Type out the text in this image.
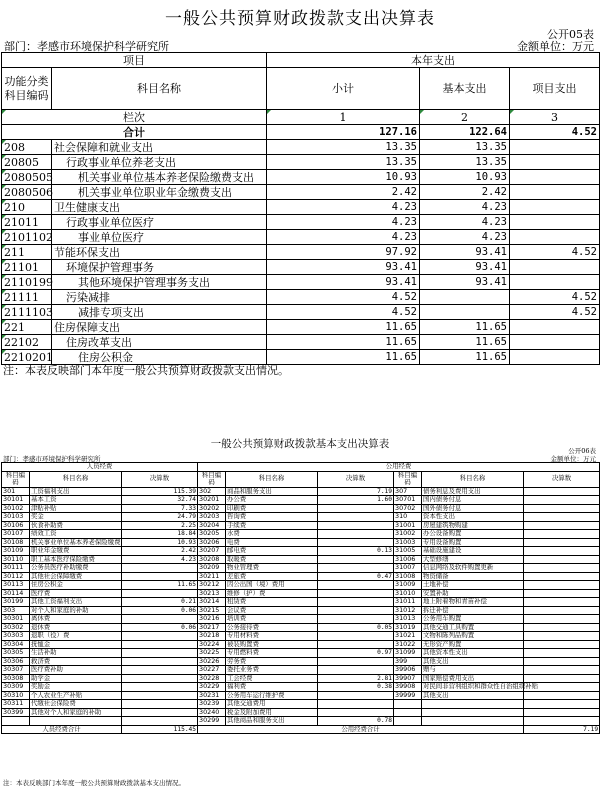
一般公共预算财政拨款支出决算表
公开05表
部门：孝感市环境保护科学研究所	金额单位：万元
项目		本年支出		
功能分类科目编码	科目名称	小计	基本支出	项目支出
栏次		1	2	3
合计		127.16	122.64	4.52
208	社会保障和就业支出	13.35	13.35	
20805	行政事业单位养老支出	13.35	13.35	
2080505	机关事业单位基本养老保险缴费支出	10.93	10.93	
2080506	机关事业单位职业年金缴费支出	2.42	2.42	
210	卫生健康支出	4.23	4.23	
21011	行政事业单位医疗	4.23	4.23	
2101102	事业单位医疗	4.23	4.23	
211	节能环保支出	97.92	93.41	4.52
21101	环境保护管理事务	93.41	93.41	
2110199	其他环境保护管理事务支出	93.41	93.41	
21111	污染减排	4.52		4.52
2111103	减排专项支出	4.52		4.52
221	住房保障支出	11.65	11.65	
22102	住房改革支出	11.65	11.65	
2210201	住房公积金	11.65	11.65	
注：本表反映部门本年度一般公共预算财政拨款支出情况。
一般公共预算财政拨款基本支出决算表
公开06表
部门：孝感市环境保护科学研究所	金额单位：万元
人员经费			公用经费					
科目编码	科目名称	决算数	科目编码	科目名称	决算数	科目编码	科目名称	决算数
301	工资福利支出	115.39	302	商品和服务支出	7.19	307	债务利息及费用支出	
30101	基本工资	32.74	30201	办公费	1.60	30701	国内债务付息	
30102	津贴补贴	7.33	30202	印刷费		30702	国外债务付息	
30103	奖金	24.79	30203	咨询费		310	资本性支出	
30106	伙食补助费	2.25	30204	手续费		31001	房屋建筑物购建	
30107	绩效工资	18.84	30205	水费		31002	办公设备购置	
30108	机关事业单位基本养老保险缴费	10.93	30206	电费		31003	专用设备购置	
30109	职业年金缴费	2.42	30207	邮电费	0.13	31005	基础设施建设	
30110	职工基本医疗保险缴费	4.23	30208	取暖费		31006	大型修缮	
30111	公务员医疗补助缴费		30209	物业管理费		31007	信息网络及软件购置更新	
30112	其他社会保障缴费		30211	差旅费	0.47	31008	物资储备	
30113	住房公积金	11.65	30212	因公出国（境）费用		31009	土地补偿	
30114	医疗费		30213	维修（护）费		31010	安置补助	
30199	其他工资福利支出	0.21	30214	租赁费		31011	地上附着物和青苗补偿	
303	对个人和家庭的补助	0.06	30215	会议费		31012	拆迁补偿	
30301	离休费		30216	培训费		31013	公务用车购置	
30302	退休费	0.06	30217	公务接待费	0.05	31019	其他交通工具购置	
30303	退职（役）费		30218	专用材料费		31021	文物和陈列品购置	
30304	抚恤金		30224	被装购置费		31022	无形资产购置	
30305	生活补助		30225	专用燃料费	0.97	31099	其他资本性支出	
30306	救济费		30226	劳务费		399	其他支出	
30307	医疗费补助		30227	委托业务费		39906	赠与	
30308	助学金		30228	工会经费	2.81	39907	国家赔偿费用支出	
30309	奖励金		30229	福利费	0.38	39908	对民间非营利组织和群众性自治组织补贴	
30310	个人农业生产补贴		30231	公务用车运行维护费		39999	其他支出	
30311	代缴社会保险费		30239	其他交通费用				
30399	其他对个人和家庭的补助		30240	税金及附加费用				
			30299	其他商品和服务支出	0.78			
人员经费合计		115.45	公用经费合计					7.19
注：本表反映部门本年度一般公共预算财政拨款基本支出情况。
